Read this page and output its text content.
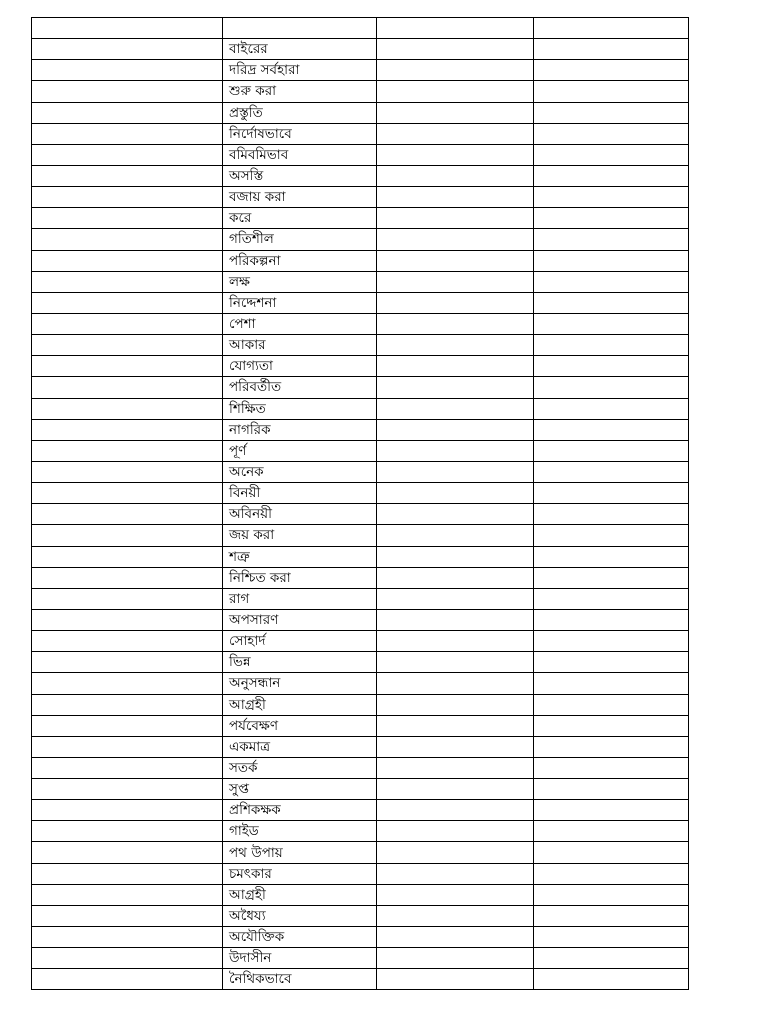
	বাইরের		
	দরিদ্র সর্বহারা		
	শুরু করা		
	প্রস্তুতি		
	নির্দোষভাবে		
	বমিবমিভাব		
	অসস্তি		
	বজায় করা		
	করে		
	গতিশীল		
	পরিকল্পনা		
	লক্ষ		
	নিদ্দেশনা		
	পেশা		
	আকার		
	যোগ্যতা		
	পরিবর্তীত		
	শিক্ষিত		
	নাগরিক		
	পূর্ণ		
	অনেক		
	বিনয়ী		
	অবিনয়ী		
	জয় করা		
	শত্রু		
	নিশ্চিত করা		
	রাগ		
	অপসারণ		
	সোহার্দ		
	ভিন্ন		
	অনুসন্ধান		
	আগ্রহী		
	পর্যবেক্ষণ		
	একমাত্র		
	সতর্ক		
	সুপ্ত		
	প্রশিকক্ষক		
	গাইড		
	পথ উপায়		
	চমৎকার		
	আগ্রহী		
	অধৈয্য		
	অযৌক্তিক		
	উদাসীন		
	নৈথিকভাবে		
